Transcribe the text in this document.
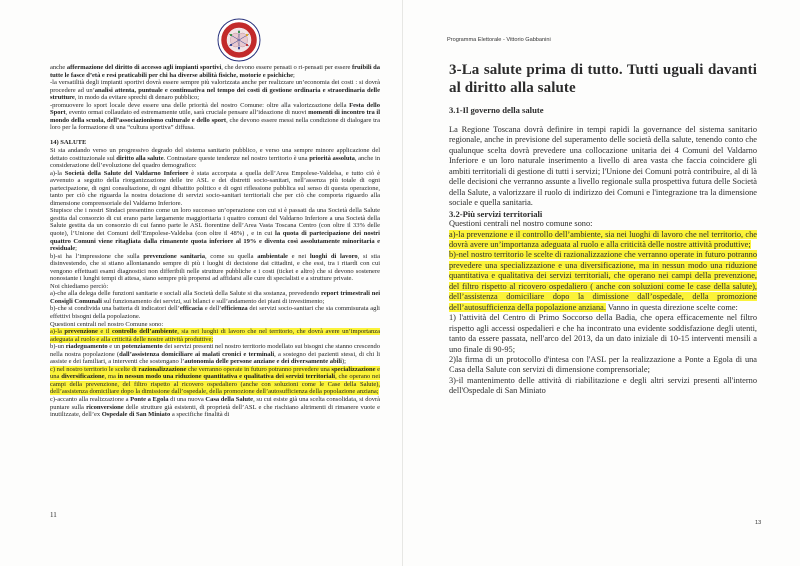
anche affermazione del diritto di accesso agli impianti sportivi, che devono essere pensati o ri-pensati per essere fruibili da tutte le fasce d’età e resi praticabili per chi ha diverse abilità fisiche, motorie e psichiche;

-la versatilità degli impianti sportivi dovrà essere sempre più valorizzata anche per realizzare un’economia dei costi : si dovrà procedere ad un’analisi attenta, puntuale e continuativa nel tempo dei costi di gestione ordinaria e straordinaria delle strutture, in modo da evitare sprechi di denaro pubblico;

-promuovere lo sport locale deve essere una delle priorità del nostro Comune: oltre alla valorizzazione della Festa dello Sport, evento ormai collaudato ed estremamente utile, sarà cruciale pensare all’ideazione di nuovi momenti di incontro tra il mondo della scuola, dell’associazionismo culturale e dello sport, che devono essere messi nella condizione di dialogare tra loro per la formazione di una “cultura sportiva” diffusa.

14) SALUTE

Si sta andando verso un progressivo degrado del sistema sanitario pubblico, e verso una sempre minore applicazione del dettato costituzionale sul diritto alla salute. Contrastare queste tendenze nel nostro territorio è una priorità assoluta, anche in considerazione dell’evoluzione del quadro demografico:

a)-la Società della Salute del Valdarno Inferiore è stata accorpata a quella dell’Area Empolese-Valdelsa, e tutto ciò è avvenuto a seguito della riorganizzazione delle tre ASL e dei distretti socio-sanitari, nell’assenza più totale di ogni partecipazione, di ogni consultazione, di ogni dibattito politico e di ogni riflessione pubblica sul senso di questa operazione, tanto per ciò che riguarda la nostra dotazione di servizi socio-sanitari territoriali che per ciò che comporta riguardo alla dimensione comprensoriale del Valdarno Inferiore.

Stupisce che i nostri Sindaci presentino come un loro successo un’operazione con cui si è passati da una Società della Salute gestita dal consorzio di cui erano parte largamente maggioritaria i quattro comuni del Valdarno Inferiore a una Società della Salute gestita da un consorzio di cui fanno parte le ASL fiorentine dell’Area Vasta Toscana Centro (con oltre il 33% delle quote), l’Unione dei Comuni dell’Empolese-Valdelsa (con oltre il 48%) , e in cui la quota di partecipazione dei nostri quattro Comuni viene ritagliata dalla rimanente quota inferiore al 19% e diventa così assolutamente minoritaria e residuale;

b)-si ha l’impressione che sulla prevenzione sanitaria, come su quella ambientale e nei luoghi di lavoro, si stia disinvestendo, che si stiano allontanando sempre di più i luoghi di decisione dai cittadini, e che essi, tra i ritardi con cui vengono effettuati esami diagnostici non differibili nelle strutture pubbliche e i costi (ticket e altro) che si devono sostenere nonostante i lunghi tempi di attesa, siano sempre più propensi ad affidarsi alle cure di specialisti e a strutture private.

Noi chiediamo perciò:

a)-che alla delega delle funzioni sanitarie e sociali alla Società della Salute si dia sostanza, prevedendo report trimestrali nei Consigli Comunali sul funzionamento dei servizi, sui bilanci e sull’andamento dei piani di investimento;

b)-che si condivida una batteria di indicatori dell’efficacia e dell’efficienza dei servizi socio-sanitari che sia commisurata agli effettivi bisogni della popolazione.

Questioni centrali nel nostro Comune sono:

a)-la prevenzione e il controllo dell’ambiente, sia nei luoghi di lavoro che nel territorio, che dovrà avere un’importanza adeguata al ruolo e alla criticità delle nostre attività produttive;

b)-un riadeguamento e un potenziamento dei servizi presenti nel nostro territorio modellato sui bisogni che stanno crescendo nella nostra popolazione (dall’assistenza domiciliare ai malati cronici e terminali, a sostegno dei pazienti stessi, di chi li assiste e dei familiari, a interventi che sostengano l’autonomia delle persone anziane e dei diversamente abili);

c) nel nostro territorio le scelte di razionalizzazione che verranno operate in futuro potranno prevedere una specializzazione e una diversificazione, ma in nessun modo una riduzione quantitativa e qualitativa dei servizi territoriali, che operano nei campi della prevenzione, del filtro rispetto al ricovero ospedaliero (anche con soluzioni come le Case della Salute), dell’assistenza domiciliare dopo la dimissione dall’ospedale, della promozione dell’autosufficienza della popolazione anziana;

c)-accanto alla realizzazione a Ponte a Egola di una nuova Casa della Salute, su cui esiste già una scelta consolidata, si dovrà puntare sulla riconversione delle strutture già esistenti, di proprietà dell’ASL e che rischiano altrimenti di rimanere vuote e inutilizzate, dell’ex Ospedale di San Miniato a specifiche finalità di

11
Programma Elettorale - Vittorio Gabbanini
3-La salute prima di tutto. Tutti uguali davanti al diritto alla salute
3.1-Il governo della salute

La Regione Toscana dovrà definire in tempi rapidi la governance del sistema sanitario regionale, anche in previsione del superamento delle società della salute, tenendo conto che qualunque scelta dovrà prevedere una collocazione unitaria dei 4 Comuni del Valdarno Inferiore e un loro naturale inserimento a livello di area vasta che faccia coincidere gli ambiti territoriali di gestione di tutti i servizi; l'Unione dei Comuni potrà contribuire, al di là delle decisioni che verranno assunte a livello regionale sulla prospettiva futura delle Società della Salute, a valorizzare il ruolo di indirizzo dei Comuni e l'integrazione tra la dimensione sociale e quella sanitaria.

3.2-Più servizi territoriali

Questioni centrali nel nostro comune sono:

a)-la prevenzione e il controllo dell’ambiente, sia nei luoghi di lavoro che nel territorio, che dovrà avere un’importanza adeguata al ruolo e alla criticità delle nostre attività produttive;

b)-nel nostro territorio le scelte di razionalizzazione che verranno operate in futuro potranno prevedere una specializzazione e una diversificazione, ma in nessun modo una riduzione quantitativa e qualitativa dei servizi territoriali, che operano nei campi della prevenzione, del filtro rispetto al ricovero ospedaliero ( anche con soluzioni come le case della salute), dell’assistenza domiciliare dopo la dimissione dall’ospedale, della promozione dell’autosufficienza della popolazione anziana. Vanno in questa direzione scelte come:

1) l'attività del Centro di Primo Soccorso della Badia, che opera efficacemente nel filtro rispetto agli accessi ospedalieri e che ha incontrato una evidente soddisfazione degli utenti, tanto da essere passata, nell'arco del 2013, da un dato iniziale di 10-15 interventi mensili a uno finale di 90-95;

2)la firma di un protocollo d'intesa con l'ASL per la realizzazione a Ponte a Egola di una Casa della Salute con servizi di dimensione comprensoriale;

3)-il mantenimento delle attività di riabilitazione e degli altri servizi presenti all'interno dell'Ospedale di San Miniato

13
